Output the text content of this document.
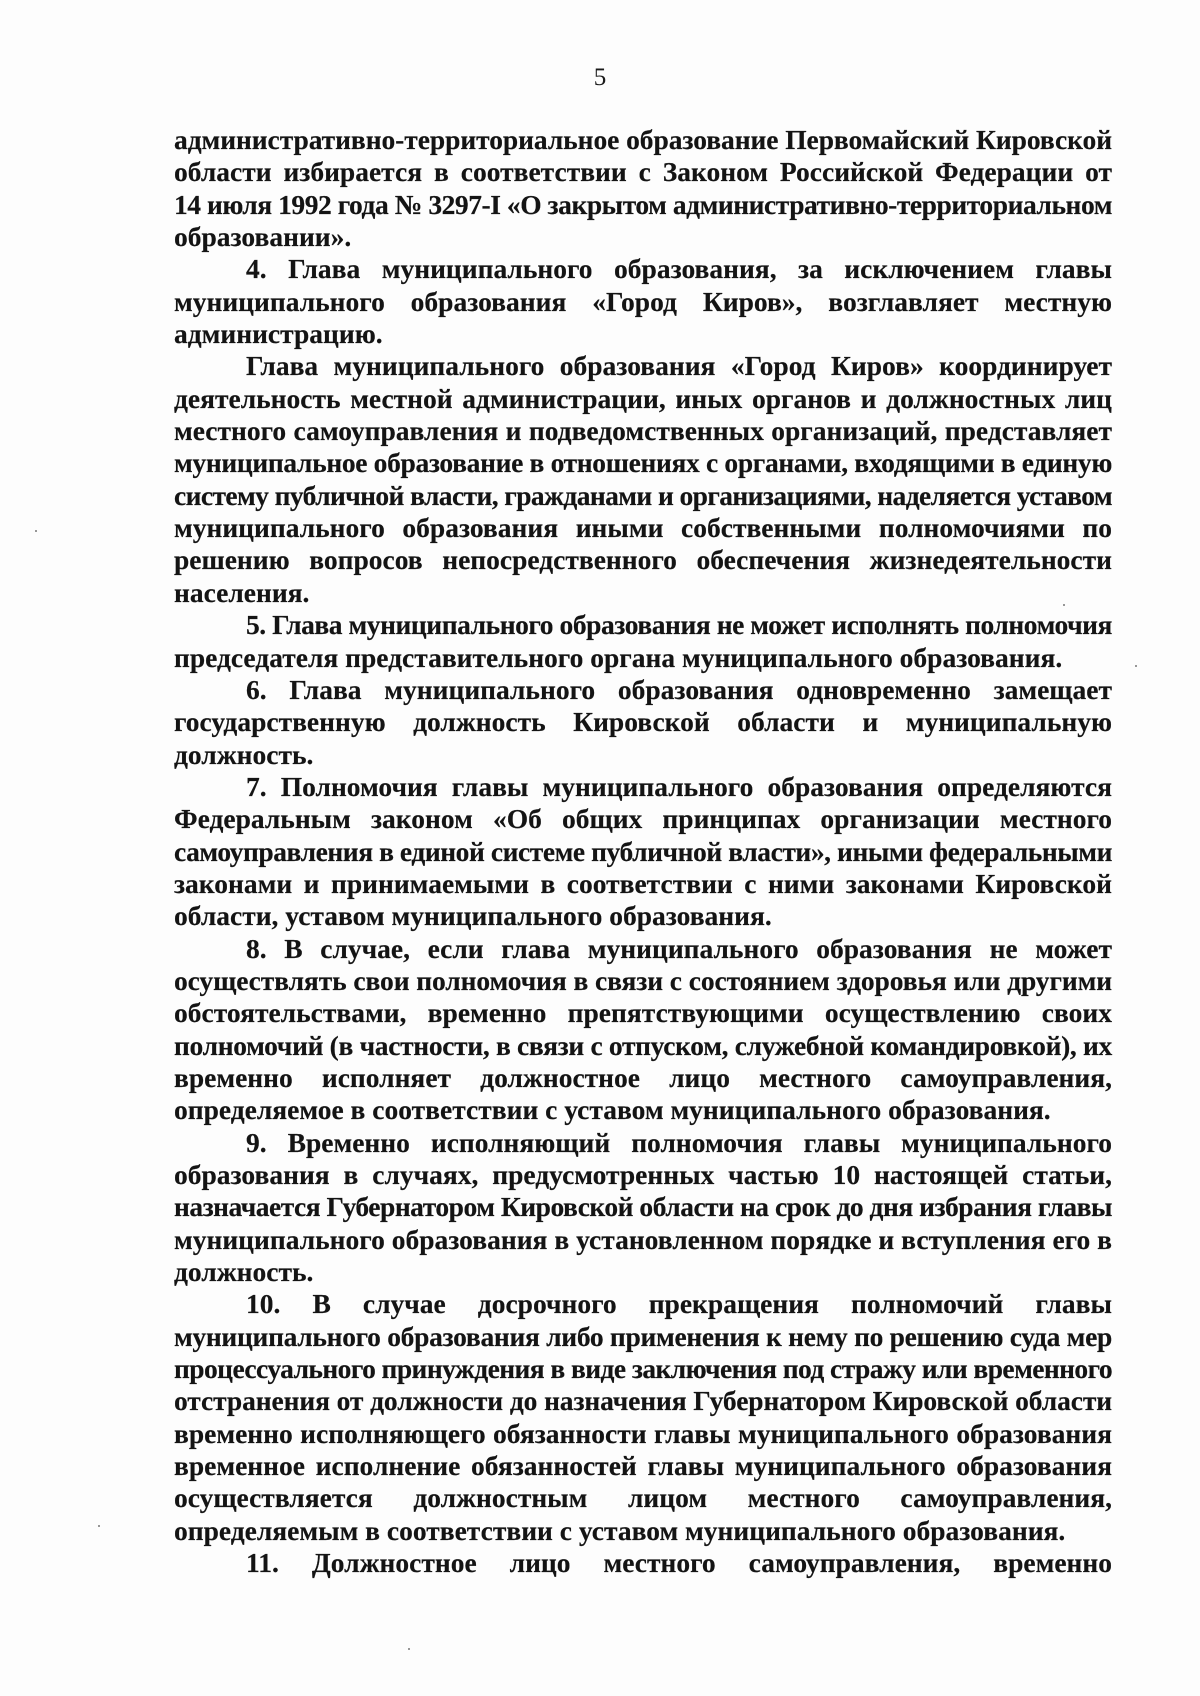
5
административно-территориальное образование Первомайский Кировской
области избирается в соответствии с Законом Российской Федерации от
14 июля 1992 года № 3297-I «О закрытом административно-территориальном
образовании».
4. Глава муниципального образования, за исключением главы
муниципального образования «Город Киров», возглавляет местную
администрацию.
Глава муниципального образования «Город Киров» координирует
деятельность местной администрации, иных органов и должностных лиц
местного самоуправления и подведомственных организаций, представляет
муниципальное образование в отношениях с органами, входящими в единую
систему публичной власти, гражданами и организациями, наделяется уставом
муниципального образования иными собственными полномочиями по
решению вопросов непосредственного обеспечения жизнедеятельности
населения.
5. Глава муниципального образования не может исполнять полномочия
председателя представительного органа муниципального образования.
6. Глава муниципального образования одновременно замещает
государственную должность Кировской области и муниципальную
должность.
7. Полномочия главы муниципального образования определяются
Федеральным законом «Об общих принципах организации местного
самоуправления в единой системе публичной власти», иными федеральными
законами и принимаемыми в соответствии с ними законами Кировской
области, уставом муниципального образования.
8. В случае, если глава муниципального образования не может
осуществлять свои полномочия в связи с состоянием здоровья или другими
обстоятельствами, временно препятствующими осуществлению своих
полномочий (в частности, в связи с отпуском, служебной командировкой), их
временно исполняет должностное лицо местного самоуправления,
определяемое в соответствии с уставом муниципального образования.
9. Временно исполняющий полномочия главы муниципального
образования в случаях, предусмотренных частью 10 настоящей статьи,
назначается Губернатором Кировской области на срок до дня избрания главы
муниципального образования в установленном порядке и вступления его в
должность.
10. В случае досрочного прекращения полномочий главы
муниципального образования либо применения к нему по решению суда мер
процессуального принуждения в виде заключения под стражу или временного
отстранения от должности до назначения Губернатором Кировской области
временно исполняющего обязанности главы муниципального образования
временное исполнение обязанностей главы муниципального образования
осуществляется должностным лицом местного самоуправления,
определяемым в соответствии с уставом муниципального образования.
11. Должностное лицо местного самоуправления, временно
